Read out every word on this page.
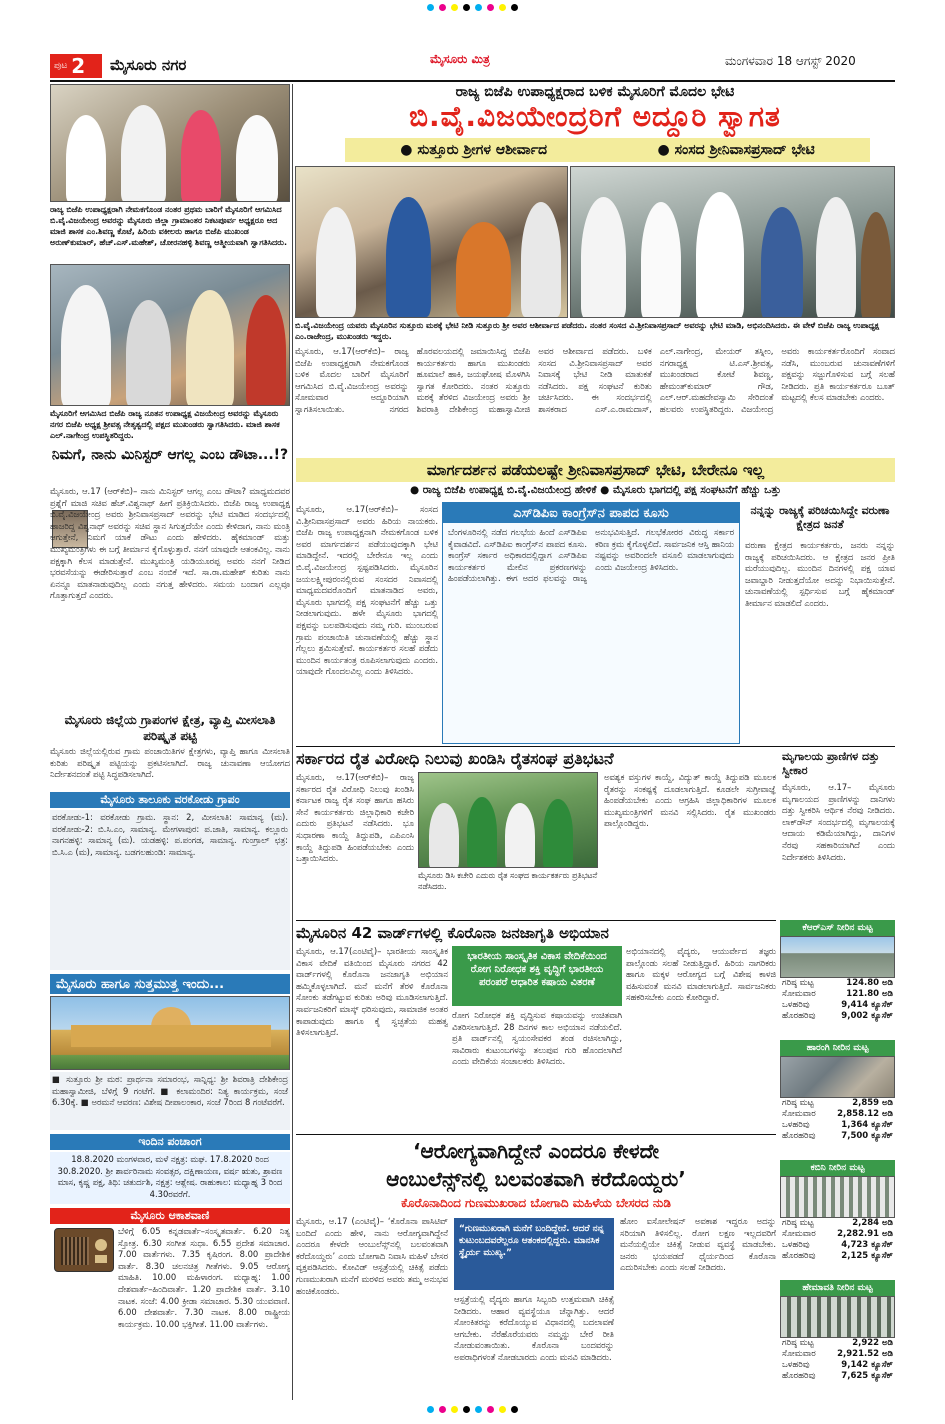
ಪುಟ 2 ಮೈಸೂರು ನಗರ	ಮೈಸೂರು ಮಿತ್ರ	ಮಂಗಳವಾರ 18 ಆಗಸ್ಟ್ 2020
ರಾಜ್ಯ ಬಿಜೆಪಿ ಉಪಾಧ್ಯಕ್ಷರಾದ ಬಳಿಕ ಮೈಸೂರಿಗೆ ಮೊದಲ ಭೇಟಿ
ಬಿ.ವೈ.ವಿಜಯೇಂದ್ರರಿಗೆ ಅದ್ದೂರಿ ಸ್ವಾಗತ
● ಸುತ್ತೂರು ಶ್ರೀಗಳ ಆಶೀರ್ವಾದ	● ಸಂಸದ ಶ್ರೀನಿವಾಸಪ್ರಸಾದ್ ಭೇಟಿ
ಬಿ.ವೈ.ವಿಜಯೇಂದ್ರ ಯವರು ಮೈಸೂರಿನ ಸುತ್ತೂರು ಮಠಕ್ಕೆ ಭೇಟಿ ನೀಡಿ ಸುತ್ತೂರು ಶ್ರೀ ಅವರ ಆಶೀರ್ವಾದ ಪಡೆದರು. ನಂತರ ಸಂಸದ ವಿ.ಶ್ರೀನಿವಾಸಪ್ರಸಾದ್ ಅವರನ್ನು ಭೇಟಿ ಮಾಡಿ, ಅಭಿನಂದಿಸಿದರು. ಈ ವೇಳೆ ಬಿಜೆಪಿ ರಾಜ್ಯ ಉಪಾಧ್ಯಕ್ಷ ಎಂ.ರಾಜೇಂದ್ರ, ಮುಖಂಡರು ಇದ್ದರು.
ಮೈಸೂರು, ಆ.17(ಆರ್‌ಕೆಬಿ)– ರಾಜ್ಯ ಬಿಜೆಪಿ ಉಪಾಧ್ಯಕ್ಷರಾಗಿ ನೇಮಕಗೊಂಡ ಬಳಿಕ ಮೊದಲ ಬಾರಿಗೆ ಮೈಸೂರಿಗೆ ಆಗಮಿಸಿದ ಬಿ.ವೈ.ವಿಜಯೇಂದ್ರ ಅವರನ್ನು ಸೋಮವಾರ ಅದ್ದೂರಿಯಾಗಿ ಸ್ವಾಗತಿಸಲಾಯಿತು. ನಗರದ ಹೊರವಲಯದಲ್ಲಿ ಜಮಾಯಿಸಿದ್ದ ಬಿಜೆಪಿ ಕಾರ್ಯಕರ್ತರು ಹಾಗೂ ಮುಖಂಡರು ಹೂಮಾಲೆ ಹಾಕಿ, ಜಯಘೋಷ ಮೊಳಗಿಸಿ ಸ್ವಾಗತ ಕೋರಿದರು. ನಂತರ ಸುತ್ತೂರು ಮಠಕ್ಕೆ ತೆರಳಿದ ವಿಜಯೇಂದ್ರ ಅವರು ಶ್ರೀ ಶಿವರಾತ್ರಿ ದೇಶಿಕೇಂದ್ರ ಮಹಾಸ್ವಾಮೀಜಿ ಅವರ ಆಶೀರ್ವಾದ ಪಡೆದರು. ಬಳಿಕ ಸಂಸದ ವಿ.ಶ್ರೀನಿವಾಸಪ್ರಸಾದ್ ಅವರ ನಿವಾಸಕ್ಕೆ ಭೇಟಿ ನೀಡಿ ಮಾತುಕತೆ ನಡೆಸಿದರು. ಪಕ್ಷ ಸಂಘಟನೆ ಕುರಿತು ಚರ್ಚಿಸಿದರು. ಈ ಸಂದರ್ಭದಲ್ಲಿ ಶಾಸಕರಾದ ಎಸ್.ಎ.ರಾಮದಾಸ್, ಎಲ್.ನಾಗೇಂದ್ರ, ಮೇಯರ್ ತಸ್ನೀಂ, ನಗರಾಧ್ಯಕ್ಷ ಟಿ.ಎಸ್.ಶ್ರೀವತ್ಸ, ಮುಖಂಡರಾದ ಕೋಟೆ ಶಿವಣ್ಣ, ಹೇಮಂತ್‌ಕುಮಾರ್ ಗೌಡ, ಎಲ್.ಆರ್.ಮಹದೇವಸ್ವಾಮಿ ಸೇರಿದಂತೆ ಹಲವರು ಉಪಸ್ಥಿತರಿದ್ದರು. ವಿಜಯೇಂದ್ರ ಅವರು ಕಾರ್ಯಕರ್ತರೊಂದಿಗೆ ಸಂವಾದ ನಡೆಸಿ, ಮುಂಬರುವ ಚುನಾವಣೆಗಳಿಗೆ ಪಕ್ಷವನ್ನು ಸಜ್ಜುಗೊಳಿಸುವ ಬಗ್ಗೆ ಸಲಹೆ ನೀಡಿದರು. ಪ್ರತಿ ಕಾರ್ಯಕರ್ತರೂ ಬೂತ್ ಮಟ್ಟದಲ್ಲಿ ಕೆಲಸ ಮಾಡಬೇಕು ಎಂದರು.
ರಾಜ್ಯ ಬಿಜೆಪಿ ಉಪಾಧ್ಯಕ್ಷರಾಗಿ ನೇಮಕಗೊಂಡ ನಂತರ ಪ್ರಥಮ ಬಾರಿಗೆ ಮೈಸೂರಿಗೆ ಆಗಮಿಸಿದ ಬಿ.ವೈ.ವಿಜಯೇಂದ್ರ ಅವರನ್ನು ಮೈಸೂರು ಜಿಲ್ಲಾ ಗ್ರಾಮಾಂತರ ನಿಕಟಪೂರ್ವ ಅಧ್ಯಕ್ಷರೂ ಆದ ಮಾಜಿ ಶಾಸಕ ಎಂ.ಶಿವಣ್ಣ ಕೊಟೆ, ಹಿರಿಯ ವಕೀಲರು ಹಾಗೂ ಬಿಜೆಪಿ ಮುಖಂಡ ಅರುಣ್‌ಕುಮಾರ್, ಹೆಚ್.ಎಸ್.ಮಹೇಶ್, ಚೋರನಹಳ್ಳಿ ಶಿವಣ್ಣ ಆತ್ಮೀಯವಾಗಿ ಸ್ವಾಗತಿಸಿದರು.
ಮೈಸೂರಿಗೆ ಆಗಮಿಸಿದ ಬಿಜೆಪಿ ರಾಜ್ಯ ನೂತನ ಉಪಾಧ್ಯಕ್ಷ ವಿಜಯೇಂದ್ರ ಅವರನ್ನು ಮೈಸೂರು ನಗರ ಬಿಜೆಪಿ ಅಧ್ಯಕ್ಷ ಶ್ರೀವತ್ಸ ನೇತೃತ್ವದಲ್ಲಿ ಪಕ್ಷದ ಮುಖಂಡರು ಸ್ವಾಗತಿಸಿದರು. ಮಾಜಿ ಶಾಸಕ ಎಲ್.ನಾಗೇಂದ್ರ ಉಪಸ್ಥಿತರಿದ್ದರು.
ನಿಮಗೆ, ನಾನು ಮಿನಿಸ್ಟರ್ ಆಗಲ್ಲ ಎಂಬ ಡೌಟಾ...!?
ಮೈಸೂರು, ಆ.17 (ಆರ್‌ಕೆಬಿ)– ನಾನು ಮಿನಿಸ್ಟರ್ ಆಗಲ್ಲ ಎಂಬ ಡೌಟಾ? ಮಾಧ್ಯಮದವರ ಪ್ರಶ್ನೆಗೆ ಮಾಜಿ ಸಚಿವ ಹೆಚ್.ವಿಶ್ವನಾಥ್ ಹೀಗೆ ಪ್ರತಿಕ್ರಿಯಿಸಿದರು. ಬಿಜೆಪಿ ರಾಜ್ಯ ಉಪಾಧ್ಯಕ್ಷ ಬಿ.ವೈ.ವಿಜಯೇಂದ್ರ ಅವರು ಶ್ರೀನಿವಾಸಪ್ರಸಾದ್ ಅವರನ್ನು ಭೇಟಿ ಮಾಡಿದ ಸಂದರ್ಭದಲ್ಲಿ ಹಾಜರಿದ್ದ ವಿಶ್ವನಾಥ್ ಅವರನ್ನು ಸಚಿವ ಸ್ಥಾನ ಸಿಗುತ್ತದೆಯೇ ಎಂದು ಕೇಳಿದಾಗ, ನಾನು ಮಂತ್ರಿ ಆಗುತ್ತೇನೆ, ನಿಮಗೆ ಯಾಕೆ ಡೌಟು ಎಂದು ಹೇಳಿದರು. ಹೈಕಮಾಂಡ್ ಮತ್ತು ಮುಖ್ಯಮಂತ್ರಿಗಳು ಈ ಬಗ್ಗೆ ತೀರ್ಮಾನ ಕೈಗೊಳ್ಳುತ್ತಾರೆ. ನನಗೆ ಯಾವುದೇ ಆತಂಕವಿಲ್ಲ. ನಾನು ಪಕ್ಷಕ್ಕಾಗಿ ಕೆಲಸ ಮಾಡುತ್ತೇನೆ. ಮುಖ್ಯಮಂತ್ರಿ ಯಡಿಯೂರಪ್ಪ ಅವರು ನನಗೆ ನೀಡಿದ ಭರವಸೆಯನ್ನು ಈಡೇರಿಸುತ್ತಾರೆ ಎಂಬ ನಂಬಿಕೆ ಇದೆ. ಸಾ.ರಾ.ಮಹೇಶ್ ಕುರಿತು ನಾನು ಏನನ್ನೂ ಮಾತನಾಡುವುದಿಲ್ಲ ಎಂದು ನಗುತ್ತ ಹೇಳಿದರು. ಸಮಯ ಬಂದಾಗ ಎಲ್ಲವೂ ಗೊತ್ತಾಗುತ್ತದೆ ಎಂದರು.
ಮೈಸೂರು ಜಿಲ್ಲೆಯ ಗ್ರಾಪಂಗಳ ಕ್ಷೇತ್ರ, ವ್ಯಾಪ್ತಿ ಮೀಸಲಾತಿ ಪರಿಷ್ಕೃತ ಪಟ್ಟಿ
ಮೈಸೂರು ಜಿಲ್ಲೆಯಲ್ಲಿರುವ ಗ್ರಾಮ ಪಂಚಾಯಿತಿಗಳ ಕ್ಷೇತ್ರಗಳು, ವ್ಯಾಪ್ತಿ ಹಾಗೂ ಮೀಸಲಾತಿ ಕುರಿತು ಪರಿಷ್ಕೃತ ಪಟ್ಟಿಯನ್ನು ಪ್ರಕಟಿಸಲಾಗಿದೆ. ರಾಜ್ಯ ಚುನಾವಣಾ ಆಯೋಗದ ನಿರ್ದೇಶನದಂತೆ ಪಟ್ಟಿ ಸಿದ್ಧಪಡಿಸಲಾಗಿದೆ.
ಮೈಸೂರು ತಾಲೂಕು ವರಕೋಡು ಗ್ರಾಪಂ
ವರಕೋಡು-1: ವರಕೋಡು ಗ್ರಾಮ. ಸ್ಥಾನ: 2, ಮೀಸಲಾತಿ: ಸಾಮಾನ್ಯ (ಮ). ವರಕೋಡು-2: ಬಿ.ಸಿ.ಎಂ, ಸಾಮಾನ್ಯ. ಮೇಗಳಾಪುರ: ಪ.ಜಾತಿ, ಸಾಮಾನ್ಯ. ಕಲ್ಲೂರು ನಾಗನಹಳ್ಳಿ: ಸಾಮಾನ್ಯ (ಮ). ಯಡಹಳ್ಳಿ: ಪ.ಪಂಗಡ, ಸಾಮಾನ್ಯ. ಗುಂಗ್ರಾಲ್ ಛತ್ರ: ಬಿ.ಸಿ.ಎ (ಮ), ಸಾಮಾನ್ಯ. ಬಡಗಲಹುಂಡಿ: ಸಾಮಾನ್ಯ.
ಮೈಸೂರು ಹಾಗೂ ಸುತ್ತಮುತ್ತ ಇಂದು...
■ ಸುತ್ತೂರು ಶ್ರೀ ಮಠ: ಪ್ರಾರ್ಥನಾ ಸಮಾರಂಭ, ಸಾನ್ನಿಧ್ಯ: ಶ್ರೀ ಶಿವರಾತ್ರಿ ದೇಶಿಕೇಂದ್ರ ಮಹಾಸ್ವಾಮೀಜಿ, ಬೆಳಿಗ್ಗೆ 9 ಗಂಟೆಗೆ. ■ ಕಲಾಮಂದಿರ: ನಿತ್ಯ ಕಾರ್ಯಕ್ರಮ, ಸಂಜೆ 6.30ಕ್ಕೆ. ■ ಅರಮನೆ ಆವರಣ: ವಿಶೇಷ ದೀಪಾಲಂಕಾರ, ಸಂಜೆ 7ರಿಂದ 8 ಗಂಟೆವರೆಗೆ.
ಇಂದಿನ ಪಂಚಾಂಗ
18.8.2020 ಮಂಗಳವಾರ, ಮಳೆ ನಕ್ಷತ್ರ: ಮಘ. 17.8.2020 ರಿಂದ 30.8.2020. ಶ್ರೀ ಶಾರ್ವರಿನಾಮ ಸಂವತ್ಸರ, ದಕ್ಷಿಣಾಯಣ, ವರ್ಷ ಋತು, ಶ್ರಾವಣ ಮಾಸ, ಕೃಷ್ಣ ಪಕ್ಷ, ತಿಥಿ: ಚತುರ್ದಶಿ, ನಕ್ಷತ್ರ: ಆಶ್ಲೇಷ. ರಾಹುಕಾಲ: ಮಧ್ಯಾಹ್ನ 3 ರಿಂದ 4.30ರವರೆಗೆ.
ಮೈಸೂರು ಆಕಾಶವಾಣಿ
ಬೆಳಿಗ್ಗೆ 6.05 ಕನ್ನಡವಾರ್ತೆ–ಸಂಸ್ಕೃತವಾರ್ತೆ. 6.20 ನಿತ್ಯ ಸ್ತೋತ್ರ. 6.30 ಸಂಗೀತ ಸುಧಾ. 6.55 ಪ್ರದೇಶ ಸಮಾಚಾರ. 7.00 ವಾರ್ತೆಗಳು. 7.35 ಕೃಷಿರಂಗ. 8.00 ಪ್ರಾದೇಶಿಕ ವಾರ್ತೆ. 8.30 ಚಲನಚಿತ್ರ ಗೀತೆಗಳು. 9.05 ಆರೋಗ್ಯ ಮಾಹಿತಿ. 10.00 ಮಹಿಳಾರಂಗ. ಮಧ್ಯಾಹ್ನ: 1.00 ದೇಶವಾರ್ತೆ–ಹಿಂದಿವಾರ್ತೆ. 1.20 ಪ್ರಾದೇಶಿಕ ವಾರ್ತೆ. 3.10 ನಾಟಕ. ಸಂಜೆ: 4.00 ಕ್ರೀಡಾ ಸಮಾಚಾರ. 5.30 ಯುವವಾಣಿ. 6.00 ದೇಶವಾರ್ತೆ. 7.30 ನಾಟಕ. 8.00 ರಾಷ್ಟ್ರೀಯ ಕಾರ್ಯಕ್ರಮ. 10.00 ಭಕ್ತಿಗೀತೆ. 11.00 ವಾರ್ತೆಗಳು.
ಮಾರ್ಗದರ್ಶನ ಪಡೆಯಲಷ್ಟೇ ಶ್ರೀನಿವಾಸಪ್ರಸಾದ್ ಭೇಟಿ, ಬೇರೇನೂ ಇಲ್ಲ
● ರಾಜ್ಯ ಬಿಜೆಪಿ ಉಪಾಧ್ಯಕ್ಷ ಬಿ.ವೈ.ವಿಜಯೇಂದ್ರ ಹೇಳಿಕೆ ● ಮೈಸೂರು ಭಾಗದಲ್ಲಿ ಪಕ್ಷ ಸಂಘಟನೆಗೆ ಹೆಚ್ಚು ಒತ್ತು
ಮೈಸೂರು, ಆ.17(ಆರ್‌ಕೆಬಿ)– ಸಂಸದ ವಿ.ಶ್ರೀನಿವಾಸಪ್ರಸಾದ್ ಅವರು ಹಿರಿಯ ನಾಯಕರು. ಬಿಜೆಪಿ ರಾಜ್ಯ ಉಪಾಧ್ಯಕ್ಷನಾಗಿ ನೇಮಕಗೊಂಡ ಬಳಿಕ ಅವರ ಮಾರ್ಗದರ್ಶನ ಪಡೆಯುವುದಕ್ಕಾಗಿ ಭೇಟಿ ಮಾಡಿದ್ದೇನೆ. ಇದರಲ್ಲಿ ಬೇರೇನೂ ಇಲ್ಲ ಎಂದು ಬಿ.ವೈ.ವಿಜಯೇಂದ್ರ ಸ್ಪಷ್ಟಪಡಿಸಿದರು. ಮೈಸೂರಿನ ಜಯಲಕ್ಷ್ಮೀಪುರಂನಲ್ಲಿರುವ ಸಂಸದರ ನಿವಾಸದಲ್ಲಿ ಮಾಧ್ಯಮದವರೊಂದಿಗೆ ಮಾತನಾಡಿದ ಅವರು, ಮೈಸೂರು ಭಾಗದಲ್ಲಿ ಪಕ್ಷ ಸಂಘಟನೆಗೆ ಹೆಚ್ಚು ಒತ್ತು ನೀಡಲಾಗುವುದು. ಹಳೇ ಮೈಸೂರು ಭಾಗದಲ್ಲಿ ಪಕ್ಷವನ್ನು ಬಲಪಡಿಸುವುದು ನಮ್ಮ ಗುರಿ. ಮುಂಬರುವ ಗ್ರಾಮ ಪಂಚಾಯಿತಿ ಚುನಾವಣೆಯಲ್ಲಿ ಹೆಚ್ಚು ಸ್ಥಾನ ಗೆಲ್ಲಲು ಶ್ರಮಿಸುತ್ತೇವೆ. ಕಾರ್ಯಕರ್ತರ ಸಲಹೆ ಪಡೆದು ಮುಂದಿನ ಕಾರ್ಯತಂತ್ರ ರೂಪಿಸಲಾಗುವುದು ಎಂದರು. ಯಾವುದೇ ಗೊಂದಲವಿಲ್ಲ ಎಂದು ತಿಳಿಸಿದರು.
ಎಸ್‌ಡಿಪಿಐ ಕಾಂಗ್ರೆಸ್‌ನ ಪಾಪದ ಕೂಸು
ಬೆಂಗಳೂರಿನಲ್ಲಿ ನಡೆದ ಗಲಭೆಯ ಹಿಂದೆ ಎಸ್‌ಡಿಪಿಐ ಕೈವಾಡವಿದೆ. ಎಸ್‌ಡಿಪಿಐ ಕಾಂಗ್ರೆಸ್‌ನ ಪಾಪದ ಕೂಸು. ಕಾಂಗ್ರೆಸ್ ಸರ್ಕಾರ ಅಧಿಕಾರದಲ್ಲಿದ್ದಾಗ ಎಸ್‌ಡಿಪಿಐ ಕಾರ್ಯಕರ್ತರ ಮೇಲಿನ ಪ್ರಕರಣಗಳನ್ನು ಹಿಂಪಡೆಯಲಾಗಿತ್ತು. ಈಗ ಅದರ ಫಲವನ್ನು ರಾಜ್ಯ ಅನುಭವಿಸುತ್ತಿದೆ. ಗಲಭೆಕೋರರ ವಿರುದ್ಧ ಸರ್ಕಾರ ಕಠಿಣ ಕ್ರಮ ಕೈಗೊಳ್ಳಲಿದೆ. ಸಾರ್ವಜನಿಕ ಆಸ್ತಿ ಹಾನಿಯ ನಷ್ಟವನ್ನು ಅವರಿಂದಲೇ ವಸೂಲಿ ಮಾಡಲಾಗುವುದು ಎಂದು ವಿಜಯೇಂದ್ರ ತಿಳಿಸಿದರು.
ನನ್ನನ್ನು ರಾಜ್ಯಕ್ಕೆ ಪರಿಚಯಿಸಿದ್ದೇ ವರುಣಾ ಕ್ಷೇತ್ರದ ಜನತೆ
ವರುಣಾ ಕ್ಷೇತ್ರದ ಕಾರ್ಯಕರ್ತರು, ಜನರು ನನ್ನನ್ನು ರಾಜ್ಯಕ್ಕೆ ಪರಿಚಯಿಸಿದರು. ಆ ಕ್ಷೇತ್ರದ ಜನರ ಪ್ರೀತಿ ಮರೆಯುವುದಿಲ್ಲ. ಮುಂದಿನ ದಿನಗಳಲ್ಲಿ ಪಕ್ಷ ಯಾವ ಜವಾಬ್ದಾರಿ ನೀಡುತ್ತದೆಯೋ ಅದನ್ನು ನಿಭಾಯಿಸುತ್ತೇನೆ. ಚುನಾವಣೆಯಲ್ಲಿ ಸ್ಪರ್ಧಿಸುವ ಬಗ್ಗೆ ಹೈಕಮಾಂಡ್ ತೀರ್ಮಾನ ಮಾಡಲಿದೆ ಎಂದರು.
ಸರ್ಕಾರದ ರೈತ ವಿರೋಧಿ ನಿಲುವು ಖಂಡಿಸಿ ರೈತಸಂಘ ಪ್ರತಿಭಟನೆ
ಮೈಸೂರು, ಆ.17(ಆರ್‌ಕೆಬಿ)– ರಾಜ್ಯ ಸರ್ಕಾರದ ರೈತ ವಿರೋಧಿ ನಿಲುವು ಖಂಡಿಸಿ ಕರ್ನಾಟಕ ರಾಜ್ಯ ರೈತ ಸಂಘ ಹಾಗೂ ಹಸಿರು ಸೇನೆ ಕಾರ್ಯಕರ್ತರು ಜಿಲ್ಲಾಧಿಕಾರಿ ಕಚೇರಿ ಎದುರು ಪ್ರತಿಭಟನೆ ನಡೆಸಿದರು. ಭೂ ಸುಧಾರಣಾ ಕಾಯ್ದೆ ತಿದ್ದುಪಡಿ, ಎಪಿಎಂಸಿ ಕಾಯ್ದೆ ತಿದ್ದುಪಡಿ ಹಿಂಪಡೆಯಬೇಕು ಎಂದು ಒತ್ತಾಯಿಸಿದರು.
ಮೈಸೂರು ಡಿಸಿ ಕಚೇರಿ ಎದುರು ರೈತ ಸಂಘದ ಕಾರ್ಯಕರ್ತರು ಪ್ರತಿಭಟನೆ ನಡೆಸಿದರು.
ಅವಶ್ಯಕ ವಸ್ತುಗಳ ಕಾಯ್ದೆ, ವಿದ್ಯುತ್ ಕಾಯ್ದೆ ತಿದ್ದುಪಡಿ ಮೂಲಕ ರೈತರನ್ನು ಸಂಕಷ್ಟಕ್ಕೆ ದೂಡಲಾಗುತ್ತಿದೆ. ಕೂಡಲೇ ಸುಗ್ರೀವಾಜ್ಞೆ ಹಿಂಪಡೆಯಬೇಕು ಎಂದು ಆಗ್ರಹಿಸಿ ಜಿಲ್ಲಾಧಿಕಾರಿಗಳ ಮೂಲಕ ಮುಖ್ಯಮಂತ್ರಿಗಳಿಗೆ ಮನವಿ ಸಲ್ಲಿಸಿದರು. ರೈತ ಮುಖಂಡರು ಪಾಲ್ಗೊಂಡಿದ್ದರು.
ಮೃಗಾಲಯ ಪ್ರಾಣಿಗಳ ದತ್ತು ಸ್ವೀಕಾರ
ಮೈಸೂರು, ಆ.17– ಮೈಸೂರು ಮೃಗಾಲಯದ ಪ್ರಾಣಿಗಳನ್ನು ದಾನಿಗಳು ದತ್ತು ಸ್ವೀಕರಿಸಿ ಆರ್ಥಿಕ ನೆರವು ನೀಡಿದರು. ಲಾಕ್‌ಡೌನ್ ಸಂದರ್ಭದಲ್ಲಿ ಮೃಗಾಲಯಕ್ಕೆ ಆದಾಯ ಕಡಿಮೆಯಾಗಿದ್ದು, ದಾನಿಗಳ ನೆರವು ಸಹಕಾರಿಯಾಗಿದೆ ಎಂದು ನಿರ್ದೇಶಕರು ತಿಳಿಸಿದರು.
ಮೈಸೂರಿನ 42 ವಾರ್ಡ್‌ಗಳಲ್ಲಿ ಕೊರೊನಾ ಜನಜಾಗೃತಿ ಅಭಿಯಾನ
ಮೈಸೂರು, ಆ.17(ಎಂಟಿವೈ)– ಭಾರತೀಯ ಸಾಂಸ್ಕೃತಿಕ ವಿಕಾಸ ವೇದಿಕೆ ವತಿಯಿಂದ ಮೈಸೂರು ನಗರದ 42 ವಾರ್ಡ್‌ಗಳಲ್ಲಿ ಕೊರೊನಾ ಜನಜಾಗೃತಿ ಅಭಿಯಾನ ಹಮ್ಮಿಕೊಳ್ಳಲಾಗಿದೆ. ಮನೆ ಮನೆಗೆ ತೆರಳಿ ಕೊರೊನಾ ಸೋಂಕು ತಡೆಗಟ್ಟುವ ಕುರಿತು ಅರಿವು ಮೂಡಿಸಲಾಗುತ್ತಿದೆ. ಸಾರ್ವಜನಿಕರಿಗೆ ಮಾಸ್ಕ್ ಧರಿಸುವುದು, ಸಾಮಾಜಿಕ ಅಂತರ ಕಾಪಾಡುವುದು ಹಾಗೂ ಕೈ ಸ್ವಚ್ಛತೆಯ ಮಹತ್ವ ತಿಳಿಸಲಾಗುತ್ತಿದೆ.
ಭಾರತೀಯ ಸಾಂಸ್ಕೃತಿಕ ವಿಕಾಸ ವೇದಿಕೆಯಿಂದ ರೋಗ ನಿರೋಧಕ ಶಕ್ತಿ ವೃದ್ಧಿಗೆ ಭಾರತೀಯ ಪರಂಪರೆ ಆಧಾರಿತ ಕಷಾಯ ವಿತರಣೆ
ರೋಗ ನಿರೋಧಕ ಶಕ್ತಿ ವೃದ್ಧಿಸುವ ಕಷಾಯವನ್ನು ಉಚಿತವಾಗಿ ವಿತರಿಸಲಾಗುತ್ತಿದೆ. 28 ದಿನಗಳ ಕಾಲ ಅಭಿಯಾನ ನಡೆಯಲಿದೆ. ಪ್ರತಿ ವಾರ್ಡ್‌ನಲ್ಲಿ ಸ್ವಯಂಸೇವಕರ ತಂಡ ರಚಿಸಲಾಗಿದ್ದು, ಸಾವಿರಾರು ಕುಟುಂಬಗಳನ್ನು ತಲುಪುವ ಗುರಿ ಹೊಂದಲಾಗಿದೆ ಎಂದು ವೇದಿಕೆಯ ಸಂಚಾಲಕರು ತಿಳಿಸಿದರು.
ಅಭಿಯಾನದಲ್ಲಿ ವೈದ್ಯರು, ಆಯುರ್ವೇದ ತಜ್ಞರು ಪಾಲ್ಗೊಂಡು ಸಲಹೆ ನೀಡುತ್ತಿದ್ದಾರೆ. ಹಿರಿಯ ನಾಗರಿಕರು ಹಾಗೂ ಮಕ್ಕಳ ಆರೋಗ್ಯದ ಬಗ್ಗೆ ವಿಶೇಷ ಕಾಳಜಿ ವಹಿಸುವಂತೆ ಮನವಿ ಮಾಡಲಾಗುತ್ತಿದೆ. ಸಾರ್ವಜನಿಕರು ಸಹಕರಿಸಬೇಕು ಎಂದು ಕೋರಿದ್ದಾರೆ.
‘ಆರೋಗ್ಯವಾಗಿದ್ದೇನೆ ಎಂದರೂ ಕೇಳದೇ
ಆಂಬುಲೆನ್ಸ್‌ನಲ್ಲಿ ಬಲವಂತವಾಗಿ ಕರೆದೊಯ್ದರು’
ಕೊರೊನಾದಿಂದ ಗುಣಮುಖರಾದ ಬೋಗಾದಿ ಮಹಿಳೆಯ ಬೇಸರದ ನುಡಿ
ಮೈಸೂರು, ಆ.17 (ಎಂಟಿವೈ)– ‘ಕೊರೊನಾ ಪಾಸಿಟಿವ್ ಬಂದಿದೆ ಎಂದು ಹೇಳಿ, ನಾನು ಆರೋಗ್ಯವಾಗಿದ್ದೇನೆ ಎಂದರೂ ಕೇಳದೇ ಆಂಬುಲೆನ್ಸ್‌ನಲ್ಲಿ ಬಲವಂತವಾಗಿ ಕರೆದೊಯ್ದರು’ ಎಂದು ಬೋಗಾದಿ ನಿವಾಸಿ ಮಹಿಳೆ ಬೇಸರ ವ್ಯಕ್ತಪಡಿಸಿದರು. ಕೋವಿಡ್ ಆಸ್ಪತ್ರೆಯಲ್ಲಿ ಚಿಕಿತ್ಸೆ ಪಡೆದು ಗುಣಮುಖರಾಗಿ ಮನೆಗೆ ಮರಳಿದ ಅವರು ತಮ್ಮ ಅನುಭವ ಹಂಚಿಕೊಂಡರು.
“ಗುಣಮುಖರಾಗಿ ಮನೆಗೆ ಬಂದಿದ್ದೇನೆ. ಆದರೆ ನನ್ನ ಕುಟುಂಬದವರೆಲ್ಲರೂ ಆತಂಕದಲ್ಲಿದ್ದರು. ಮಾನಸಿಕ ಸ್ಥೈರ್ಯ ಮುಖ್ಯ.”
ಆಸ್ಪತ್ರೆಯಲ್ಲಿ ವೈದ್ಯರು ಹಾಗೂ ಸಿಬ್ಬಂದಿ ಉತ್ತಮವಾಗಿ ಚಿಕಿತ್ಸೆ ನೀಡಿದರು. ಆಹಾರ ವ್ಯವಸ್ಥೆಯೂ ಚೆನ್ನಾಗಿತ್ತು. ಆದರೆ ಸೋಂಕಿತರನ್ನು ಕರೆದೊಯ್ಯುವ ವಿಧಾನದಲ್ಲಿ ಬದಲಾವಣೆ ಆಗಬೇಕು. ನೆರೆಹೊರೆಯವರು ನಮ್ಮನ್ನು ಬೇರೆ ರೀತಿ ನೋಡುವಂತಾಯಿತು. ಕೊರೊನಾ ಬಂದವರನ್ನು ಅಪರಾಧಿಗಳಂತೆ ನೋಡಬಾರದು ಎಂದು ಮನವಿ ಮಾಡಿದರು.
ಹೋಂ ಐಸೋಲೇಷನ್ ಅವಕಾಶ ಇದ್ದರೂ ಅದನ್ನು ಸರಿಯಾಗಿ ತಿಳಿಸಲಿಲ್ಲ. ರೋಗ ಲಕ್ಷಣ ಇಲ್ಲದವರಿಗೆ ಮನೆಯಲ್ಲಿಯೇ ಚಿಕಿತ್ಸೆ ನೀಡುವ ವ್ಯವಸ್ಥೆ ಮಾಡಬೇಕು. ಜನರು ಭಯಪಡದೆ ಧೈರ್ಯದಿಂದ ಕೊರೊನಾ ಎದುರಿಸಬೇಕು ಎಂದು ಸಲಹೆ ನೀಡಿದರು.
ಕೆಆರ್‌ಎಸ್ ನೀರಿನ ಮಟ್ಟ
ಗರಿಷ್ಠ ಮಟ್ಟ	124.80 ಅಡಿ
ಸೋಮವಾರ	121.80 ಅಡಿ
ಒಳಹರಿವು	9,414 ಕ್ಯೂಸೆಕ್
ಹೊರಹರಿವು	9,002 ಕ್ಯೂಸೆಕ್
ಹಾರಂಗಿ ನೀರಿನ ಮಟ್ಟ
ಗರಿಷ್ಠ ಮಟ್ಟ	2,859 ಅಡಿ
ಸೋಮವಾರ	2,858.12 ಅಡಿ
ಒಳಹರಿವು	1,364 ಕ್ಯೂಸೆಕ್
ಹೊರಹರಿವು	7,500 ಕ್ಯೂಸೆಕ್
ಕಬಿನಿ ನೀರಿನ ಮಟ್ಟ
ಗರಿಷ್ಠ ಮಟ್ಟ	2,284 ಅಡಿ
ಸೋಮವಾರ	2,282.91 ಅಡಿ
ಒಳಹರಿವು	4,723 ಕ್ಯೂಸೆಕ್
ಹೊರಹರಿವು	2,125 ಕ್ಯೂಸೆಕ್
ಹೇಮಾವತಿ ನೀರಿನ ಮಟ್ಟ
ಗರಿಷ್ಠ ಮಟ್ಟ	2,922 ಅಡಿ
ಸೋಮವಾರ	2,921.52 ಅಡಿ
ಒಳಹರಿವು	9,142 ಕ್ಯೂಸೆಕ್
ಹೊರಹರಿವು	7,625 ಕ್ಯೂಸೆಕ್
